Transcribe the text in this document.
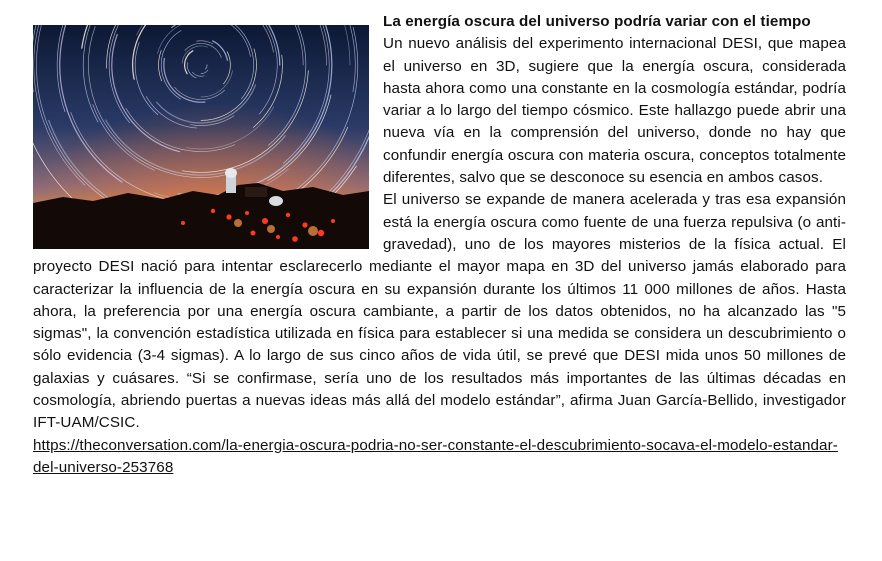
La energía oscura del universo podría variar con el tiempo
Un nuevo análisis del experimento internacional DESI, que mapea el universo en 3D, sugiere que la energía oscura, considerada hasta ahora como una constante en la cosmología estándar, podría variar a lo largo del tiempo cósmico. Este hallazgo puede abrir una nueva vía en la comprensión del universo, donde no hay que confundir energía oscura con materia oscura, conceptos totalmente diferentes, salvo que se desconoce su esencia en ambos casos.
El universo se expande de manera acelerada y tras esa expansión está la energía oscura como fuente de una fuerza repulsiva (o anti-gravedad), uno de los mayores misterios de la física actual. El proyecto DESI nació para intentar esclarecerlo mediante el mayor mapa en 3D del universo jamás elaborado para caracterizar la influencia de la energía oscura en su expansión durante los últimos 11 000 millones de años. Hasta ahora, la preferencia por una energía oscura cambiante, a partir de los datos obtenidos, no ha alcanzado las "5 sigmas", la convención estadística utilizada en física para establecer si una medida se considera un descubrimiento o sólo evidencia (3-4 sigmas). A lo largo de sus cinco años de vida útil, se prevé que DESI mida unos 50 millones de galaxias y cuásares. “Si se confirmase, sería uno de los resultados más importantes de las últimas décadas en cosmología, abriendo puertas a nuevas ideas más allá del modelo estándar”, afirma Juan García-Bellido, investigador IFT-UAM/CSIC.
https://theconversation.com/la-energia-oscura-podria-no-ser-constante-el-descubrimiento-socava-el-modelo-estandar-del-universo-253768
